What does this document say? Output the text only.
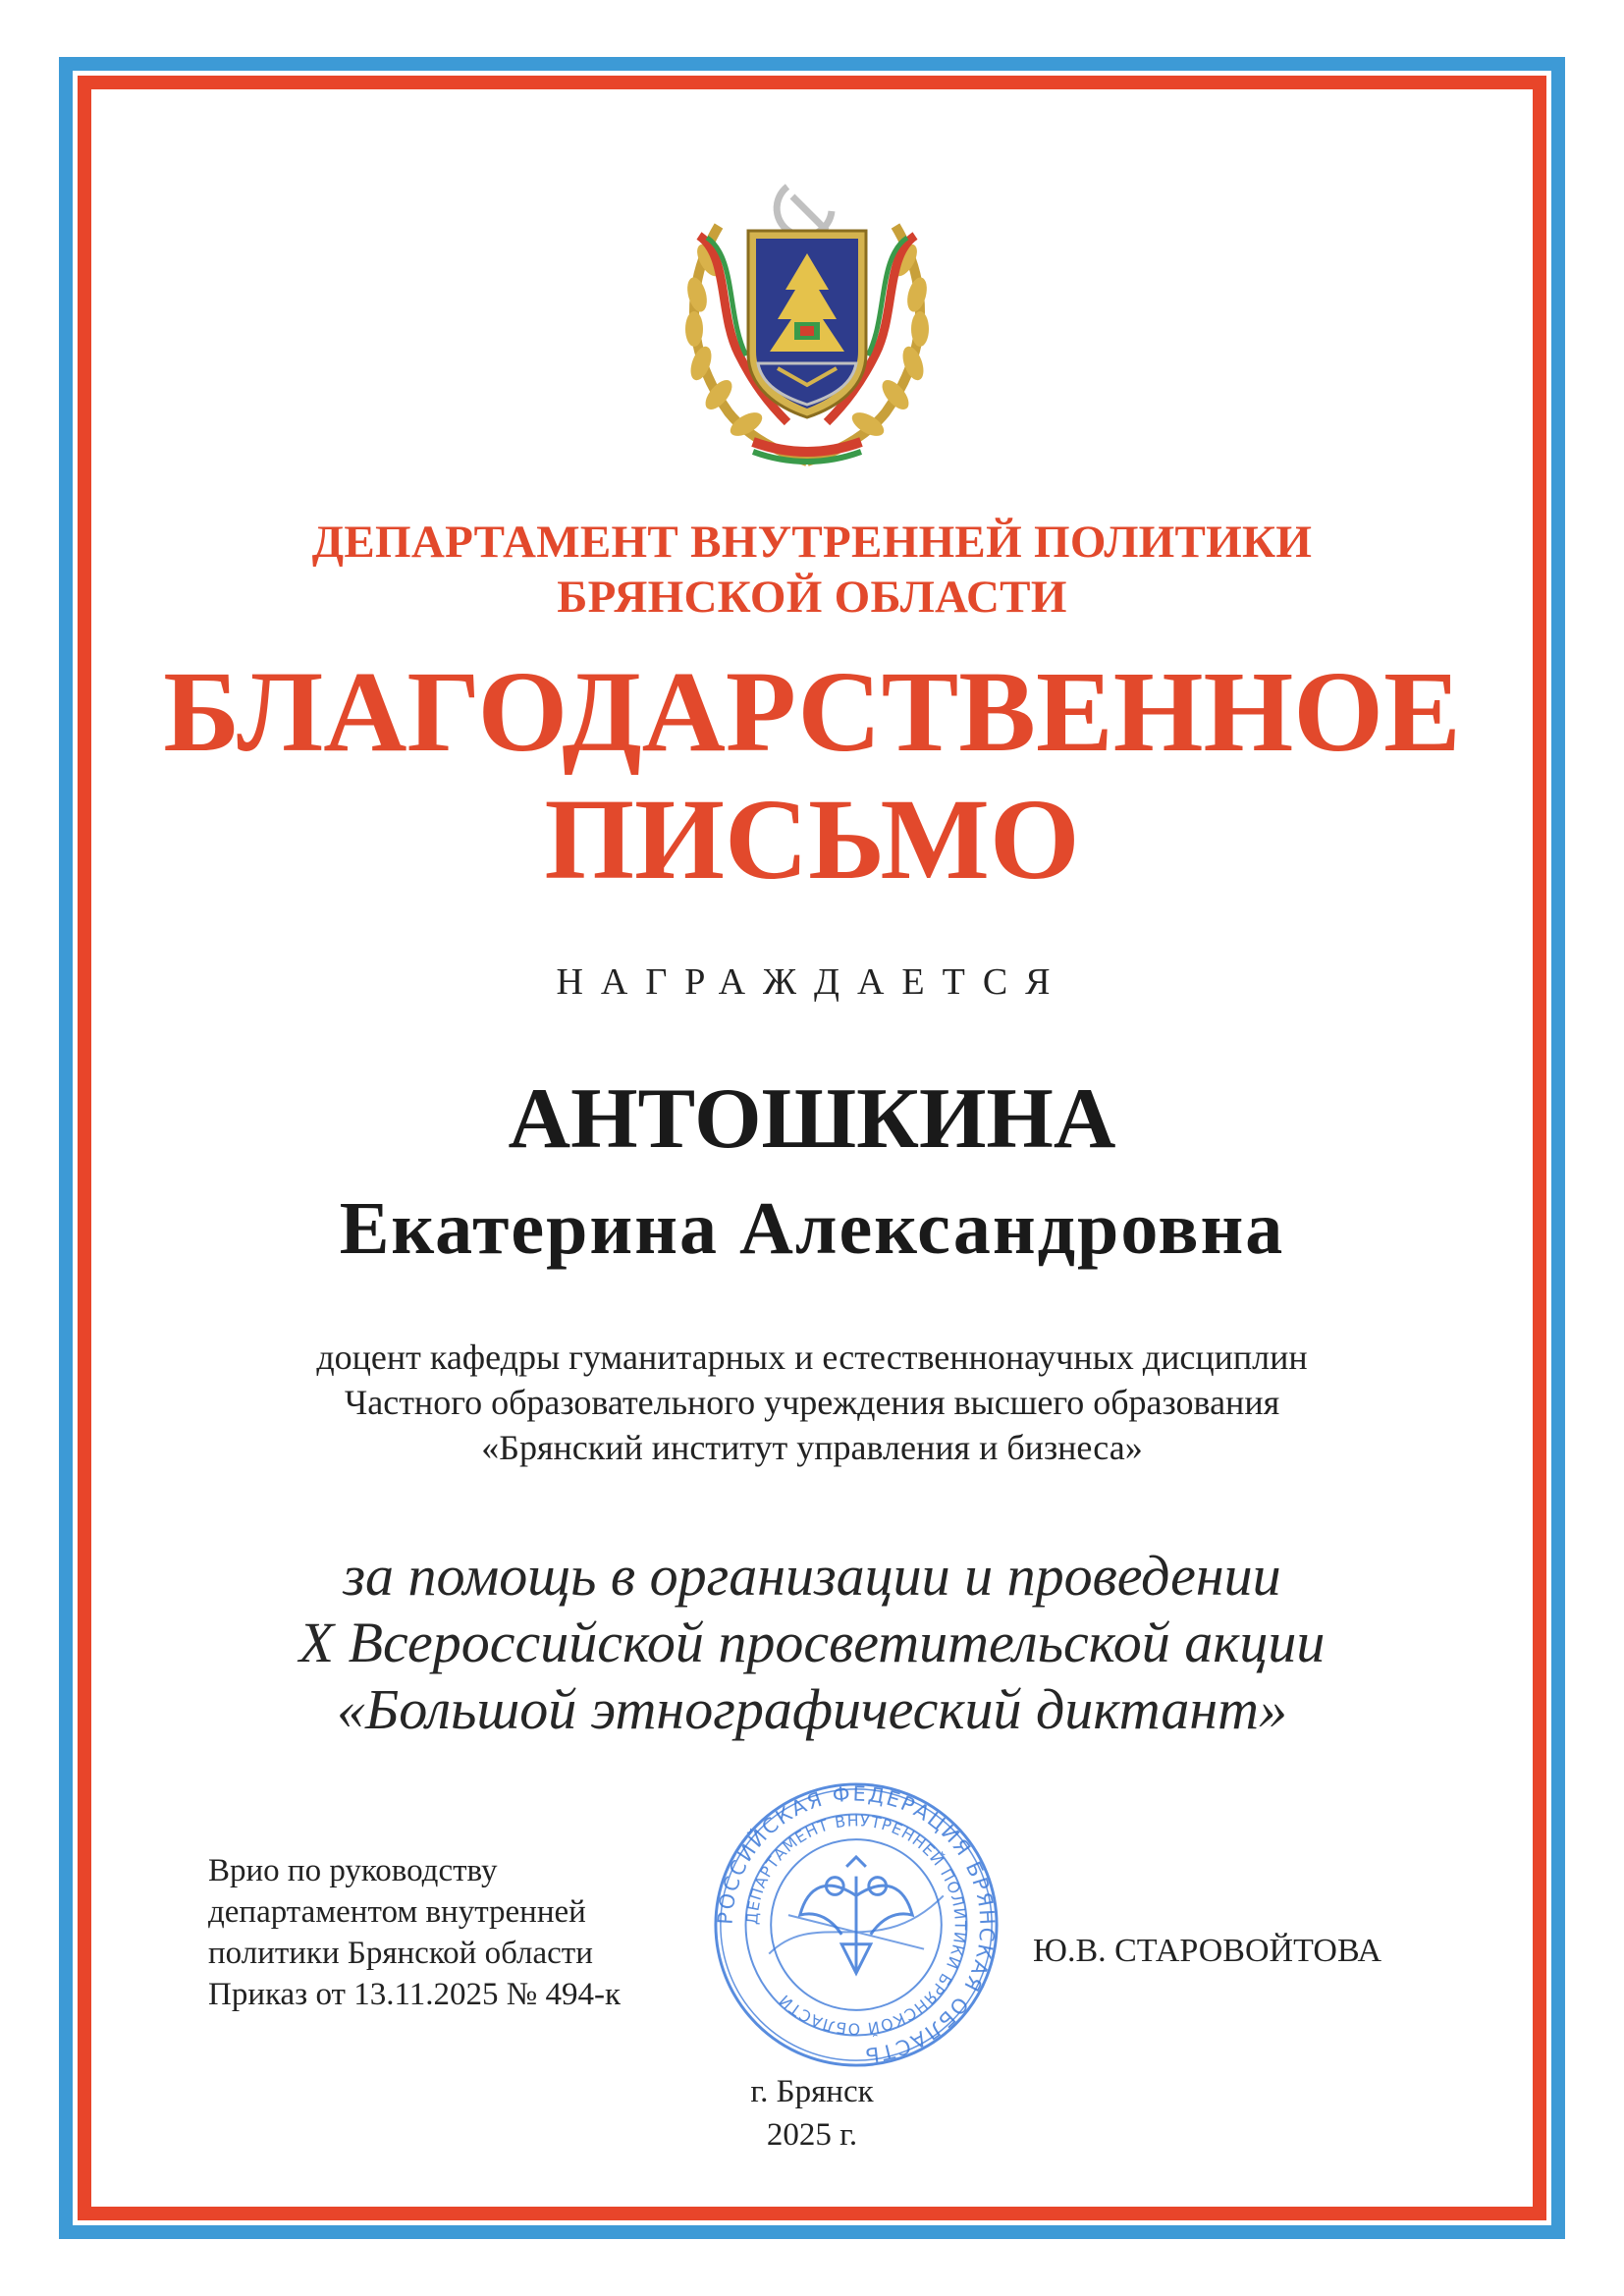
ДЕПАРТАМЕНТ ВНУТРЕННЕЙ ПОЛИТИКИ
БРЯНСКОЙ ОБЛАСТИ
БЛАГОДАРСТВЕННОЕ
ПИСЬМО
НАГРАЖДАЕТСЯ
АНТОШКИНА
Екатерина Александровна
доцент кафедры гуманитарных и естественнонаучных дисциплин
Частного образовательного учреждения высшего образования
«Брянский институт управления и бизнеса»
за помощь в организации и проведении
X Всероссийской просветительской акции
«Большой этнографический диктант»
Врио по руководству
департаментом внутренней
политики Брянской области
Приказ от 13.11.2025 № 494-к
РОССИЙСКАЯ ФЕДЕРАЦИЯ БРЯНСКАЯ ОБЛАСТЬ
ДЕПАРТАМЕНТ ВНУТРЕННЕЙ ПОЛИТИКИ БРЯНСКОЙ ОБЛАСТИ
Ю.В. СТАРОВОЙТОВА
г. Брянск
2025 г.
